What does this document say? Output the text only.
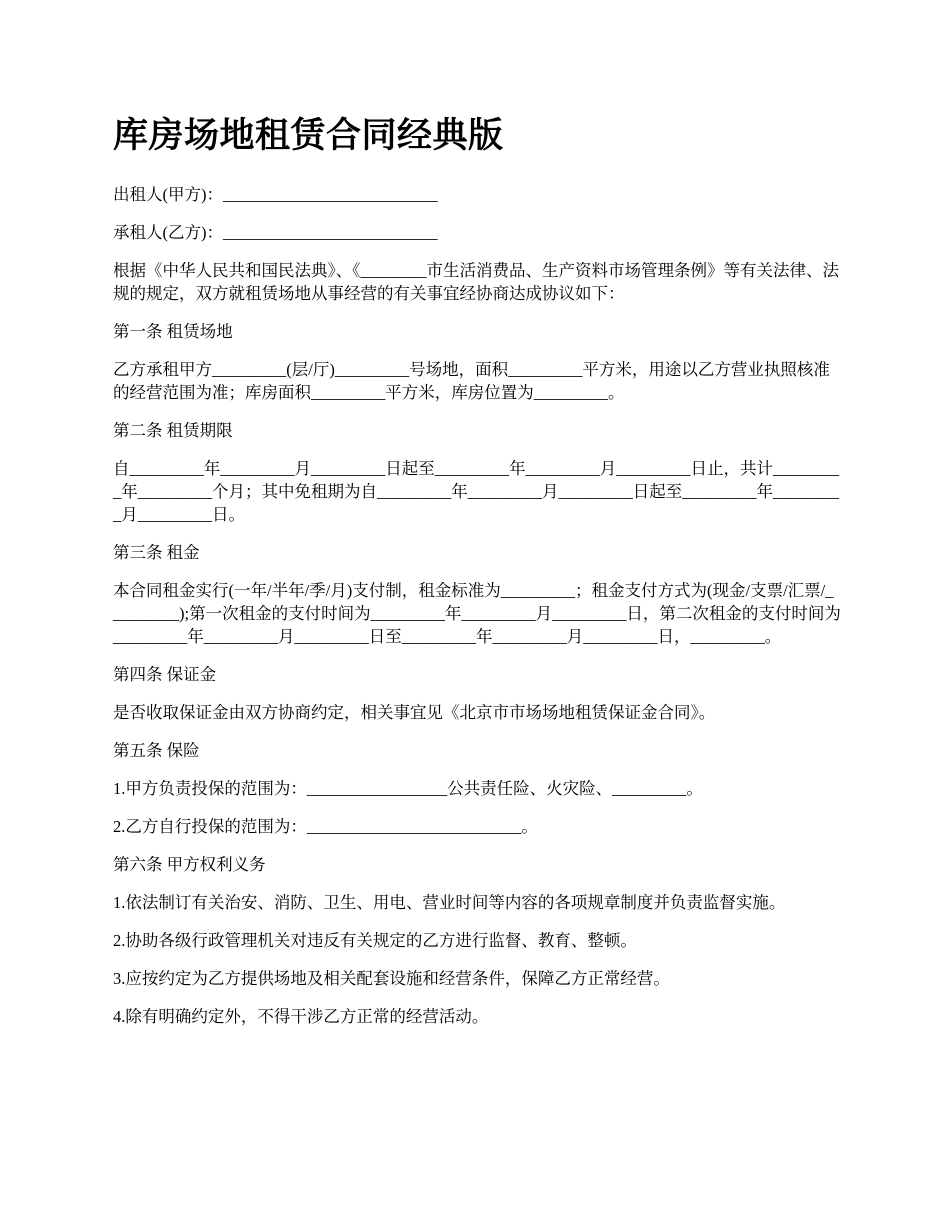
库房场地租赁合同经典版

出租人(甲方)：__________________________

承租人(乙方)：__________________________

根据《中华人民共和国民法典》、《________市生活消费品、生产资料市场管理条例》等有关法律、法规的规定，双方就租赁场地从事经营的有关事宜经协商达成协议如下：

第一条 租赁场地

乙方承租甲方_________(层/厅)_________号场地，面积_________平方米，用途以乙方营业执照核准的经营范围为准；库房面积_________平方米，库房位置为_________。

第二条 租赁期限

自_________年_________月_________日起至_________年_________月_________日止，共计_________年_________个月；其中免租期为自_________年_________月_________日起至_________年_________月_________日。

第三条 租金

本合同租金实行(一年/半年/季/月)支付制，租金标准为_________；租金支付方式为(现金/支票/汇票/_________);第一次租金的支付时间为_________年_________月_________日，第二次租金的支付时间为_________年_________月_________日至_________年_________月_________日，_________。

第四条 保证金

是否收取保证金由双方协商约定，相关事宜见《北京市市场场地租赁保证金合同》。

第五条 保险

1.甲方负责投保的范围为：_________________公共责任险、火灾险、_________。

2.乙方自行投保的范围为：__________________________。

第六条 甲方权利义务

1.依法制订有关治安、消防、卫生、用电、营业时间等内容的各项规章制度并负责监督实施。

2.协助各级行政管理机关对违反有关规定的乙方进行监督、教育、整顿。

3.应按约定为乙方提供场地及相关配套设施和经营条件，保障乙方正常经营。

4.除有明确约定外，不得干涉乙方正常的经营活动。
